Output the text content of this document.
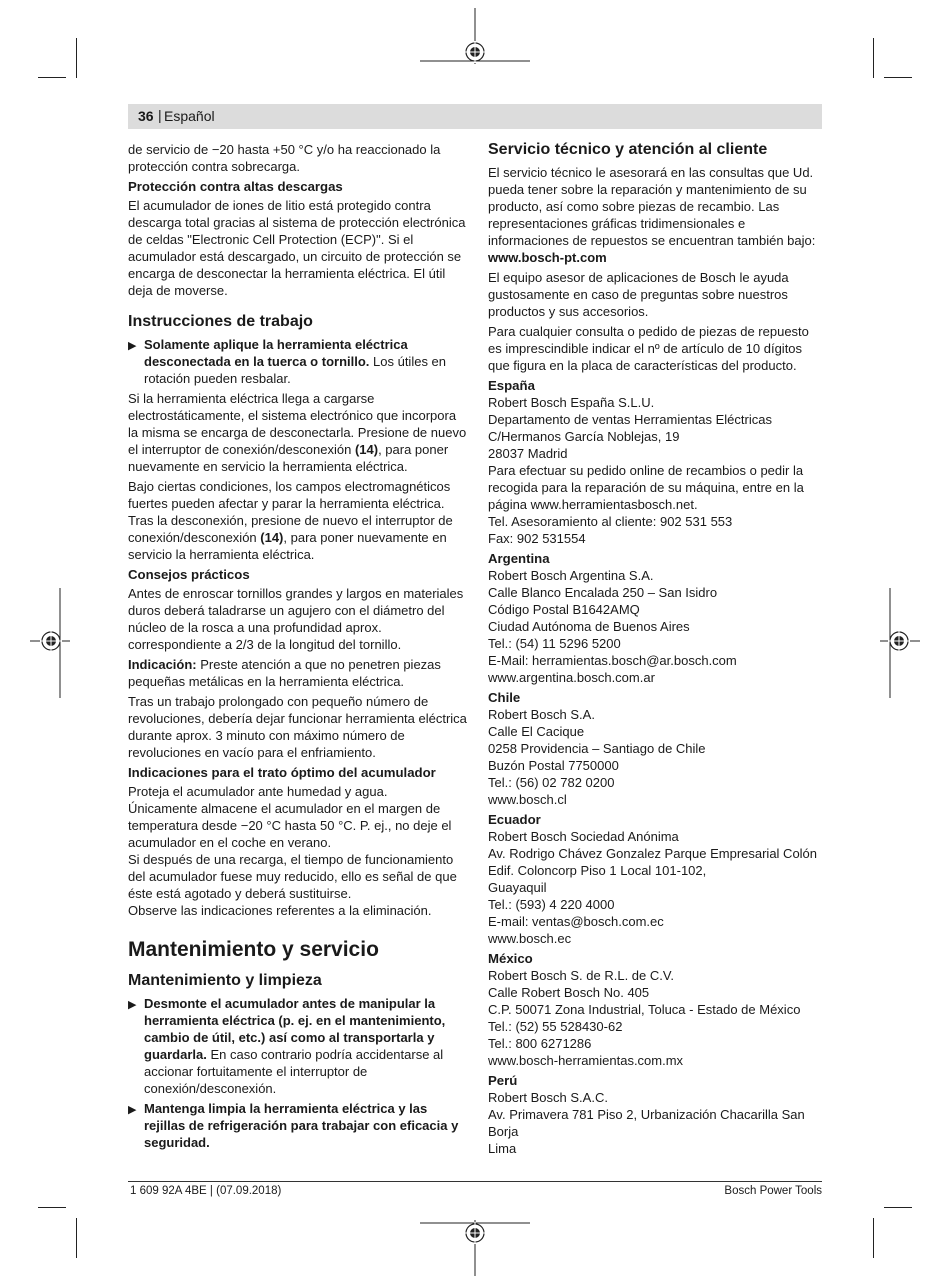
36 | Español

de servicio de −20 hasta +50 °C y/o ha reaccionado la protección contra sobrecarga.

Protección contra altas descargas

El acumulador de iones de litio está protegido contra descarga total gracias al sistema de protección electrónica de celdas "Electronic Cell Protection (ECP)". Si el acumulador está descargado, un circuito de protección se encarga de desconectar la herramienta eléctrica. El útil deja de moverse.

Instrucciones de trabajo
▶ Solamente aplique la herramienta eléctrica desconectada en la tuerca o tornillo. Los útiles en rotación pueden resbalar.

Si la herramienta eléctrica llega a cargarse electrostáticamente, el sistema electrónico que incorpora la misma se encarga de desconectarla. Presione de nuevo el interruptor de conexión/desconexión (14), para poner nuevamente en servicio la herramienta eléctrica.

Bajo ciertas condiciones, los campos electromagnéticos fuertes pueden afectar y parar la herramienta eléctrica. Tras la desconexión, presione de nuevo el interruptor de conexión/desconexión (14), para poner nuevamente en servicio la herramienta eléctrica.

Consejos prácticos

Antes de enroscar tornillos grandes y largos en materiales duros deberá taladrarse un agujero con el diámetro del núcleo de la rosca a una profundidad aprox. correspondiente a 2/3 de la longitud del tornillo.

Indicación: Preste atención a que no penetren piezas pequeñas metálicas en la herramienta eléctrica.

Tras un trabajo prolongado con pequeño número de revoluciones, debería dejar funcionar herramienta eléctrica durante aprox. 3 minuto con máximo número de revoluciones en vacío para el enfriamiento.

Indicaciones para el trato óptimo del acumulador
Proteja el acumulador ante humedad y agua.
Únicamente almacene el acumulador en el margen de temperatura desde −20 °C hasta 50 °C. P. ej., no deje el acumulador en el coche en verano.
Si después de una recarga, el tiempo de funcionamiento del acumulador fuese muy reducido, ello es señal de que éste está agotado y deberá sustituirse.
Observe las indicaciones referentes a la eliminación.
Mantenimiento y servicio
Mantenimiento y limpieza
▶ Desmonte el acumulador antes de manipular la herramienta eléctrica (p. ej. en el mantenimiento, cambio de útil, etc.) así como al transportarla y guardarla. En caso contrario podría accidentarse al accionar fortuitamente el interruptor de conexión/desconexión.
▶ Mantenga limpia la herramienta eléctrica y las rejillas de refrigeración para trabajar con eficacia y seguridad.
Servicio técnico y atención al cliente

El servicio técnico le asesorará en las consultas que Ud. pueda tener sobre la reparación y mantenimiento de su producto, así como sobre piezas de recambio. Las representaciones gráficas tridimensionales e informaciones de repuestos se encuentran también bajo: www.bosch-pt.com

El equipo asesor de aplicaciones de Bosch le ayuda gustosamente en caso de preguntas sobre nuestros productos y sus accesorios.

Para cualquier consulta o pedido de piezas de repuesto es imprescindible indicar el nº de artículo de 10 dígitos que figura en la placa de características del producto.

España
Robert Bosch España S.L.U.
Departamento de ventas Herramientas Eléctricas
C/Hermanos García Noblejas, 19
28037 Madrid
Para efectuar su pedido online de recambios o pedir la recogida para la reparación de su máquina, entre en la página www.herramientasbosch.net.
Tel. Asesoramiento al cliente: 902 531 553
Fax: 902 531554
Argentina
Robert Bosch Argentina S.A.
Calle Blanco Encalada 250 – San Isidro
Código Postal B1642AMQ
Ciudad Autónoma de Buenos Aires
Tel.: (54) 11 5296 5200
E-Mail: herramientas.bosch@ar.bosch.com
www.argentina.bosch.com.ar
Chile
Robert Bosch S.A.
Calle El Cacique
0258 Providencia – Santiago de Chile
Buzón Postal 7750000
Tel.: (56) 02 782 0200
www.bosch.cl
Ecuador
Robert Bosch Sociedad Anónima
Av. Rodrigo Chávez Gonzalez Parque Empresarial Colón
Edif. Coloncorp Piso 1 Local 101-102,
Guayaquil
Tel.: (593) 4 220 4000
E-mail: ventas@bosch.com.ec
www.bosch.ec
México
Robert Bosch S. de R.L. de C.V.
Calle Robert Bosch No. 405
C.P. 50071 Zona Industrial, Toluca - Estado de México
Tel.: (52) 55 528430-62
Tel.: 800 6271286
www.bosch-herramientas.com.mx
Perú
Robert Bosch S.A.C.
Av. Primavera 781 Piso 2, Urbanización Chacarilla San Borja
Lima
1 609 92A 4BE | (07.09.2018)	Bosch Power Tools
